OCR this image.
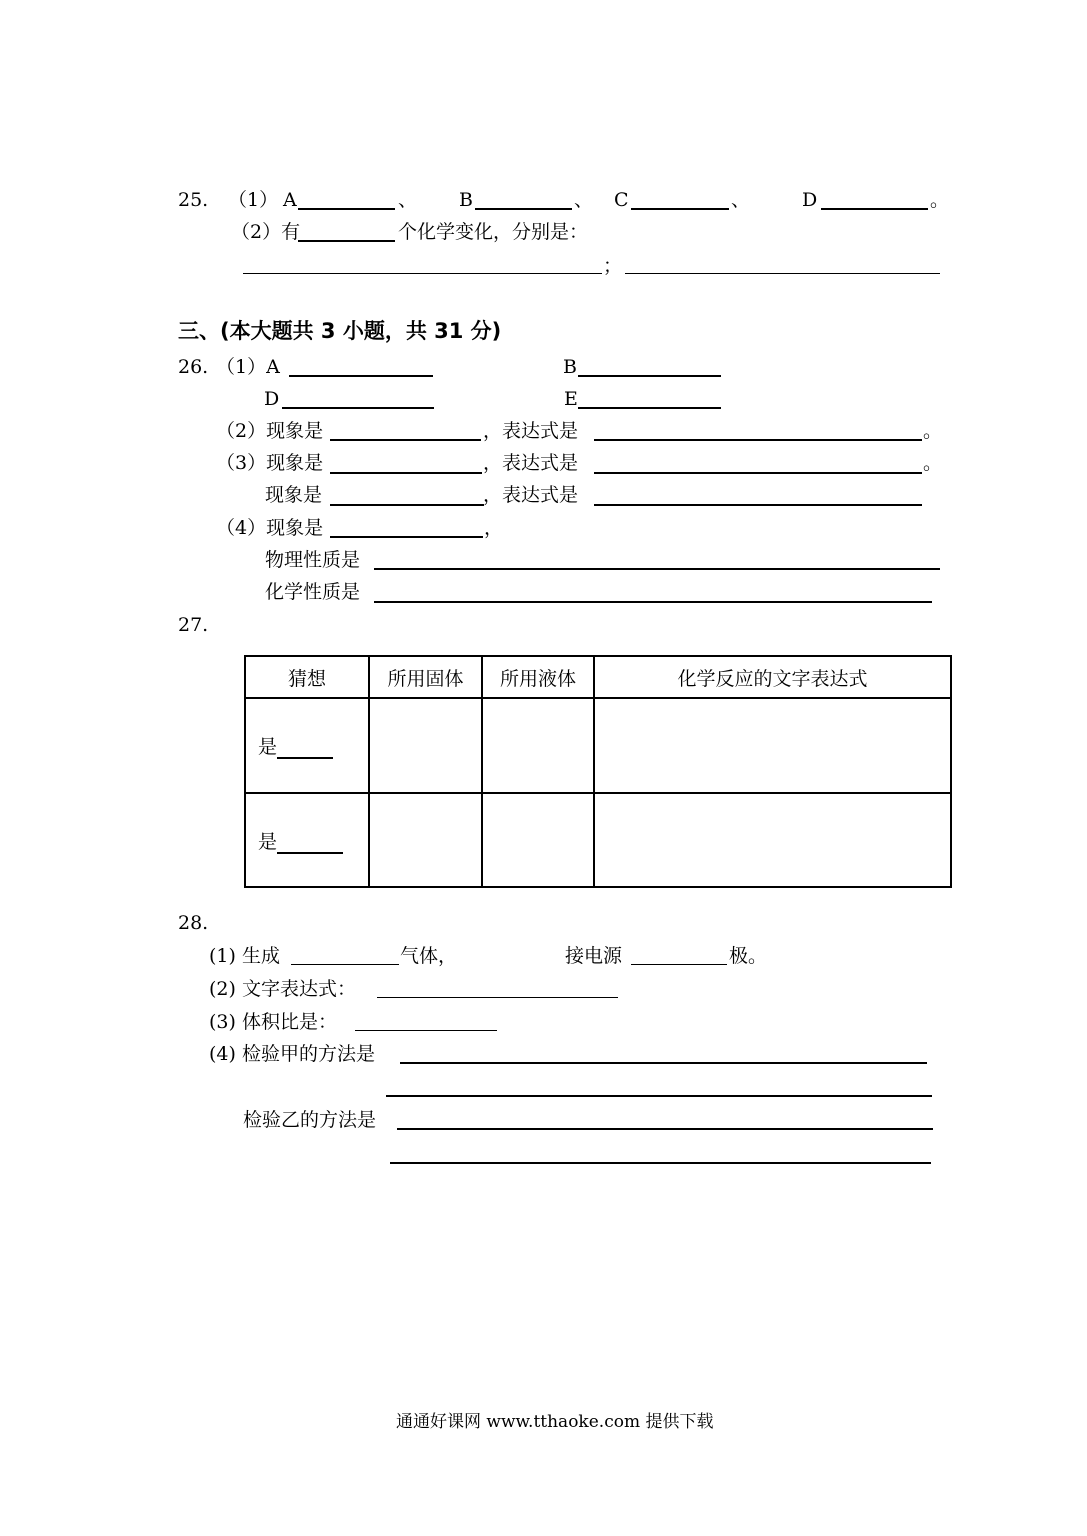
25. （1） A	、 B	、 C	、	D	。
（2）有	个化学变化，分别是：
；
三、(本大题共 3 小题，共 31 分)
26. （1）A	B
D	E
（2）现象是	，表达式是	。
（3）现象是	，表达式是	。
现象是	，表达式是
（4）现象是	，
物理性质是
化学性质是
27.
猜想	所用固体	所用液体	化学反应的文字表达式
是			
是			
28.
(1) 生成	气体，	接电源	极。
(2) 文字表达式：
(3) 体积比是：
(4) 检验甲的方法是
检验乙的方法是
通通好课网 www.tthaoke.com 提供下载
